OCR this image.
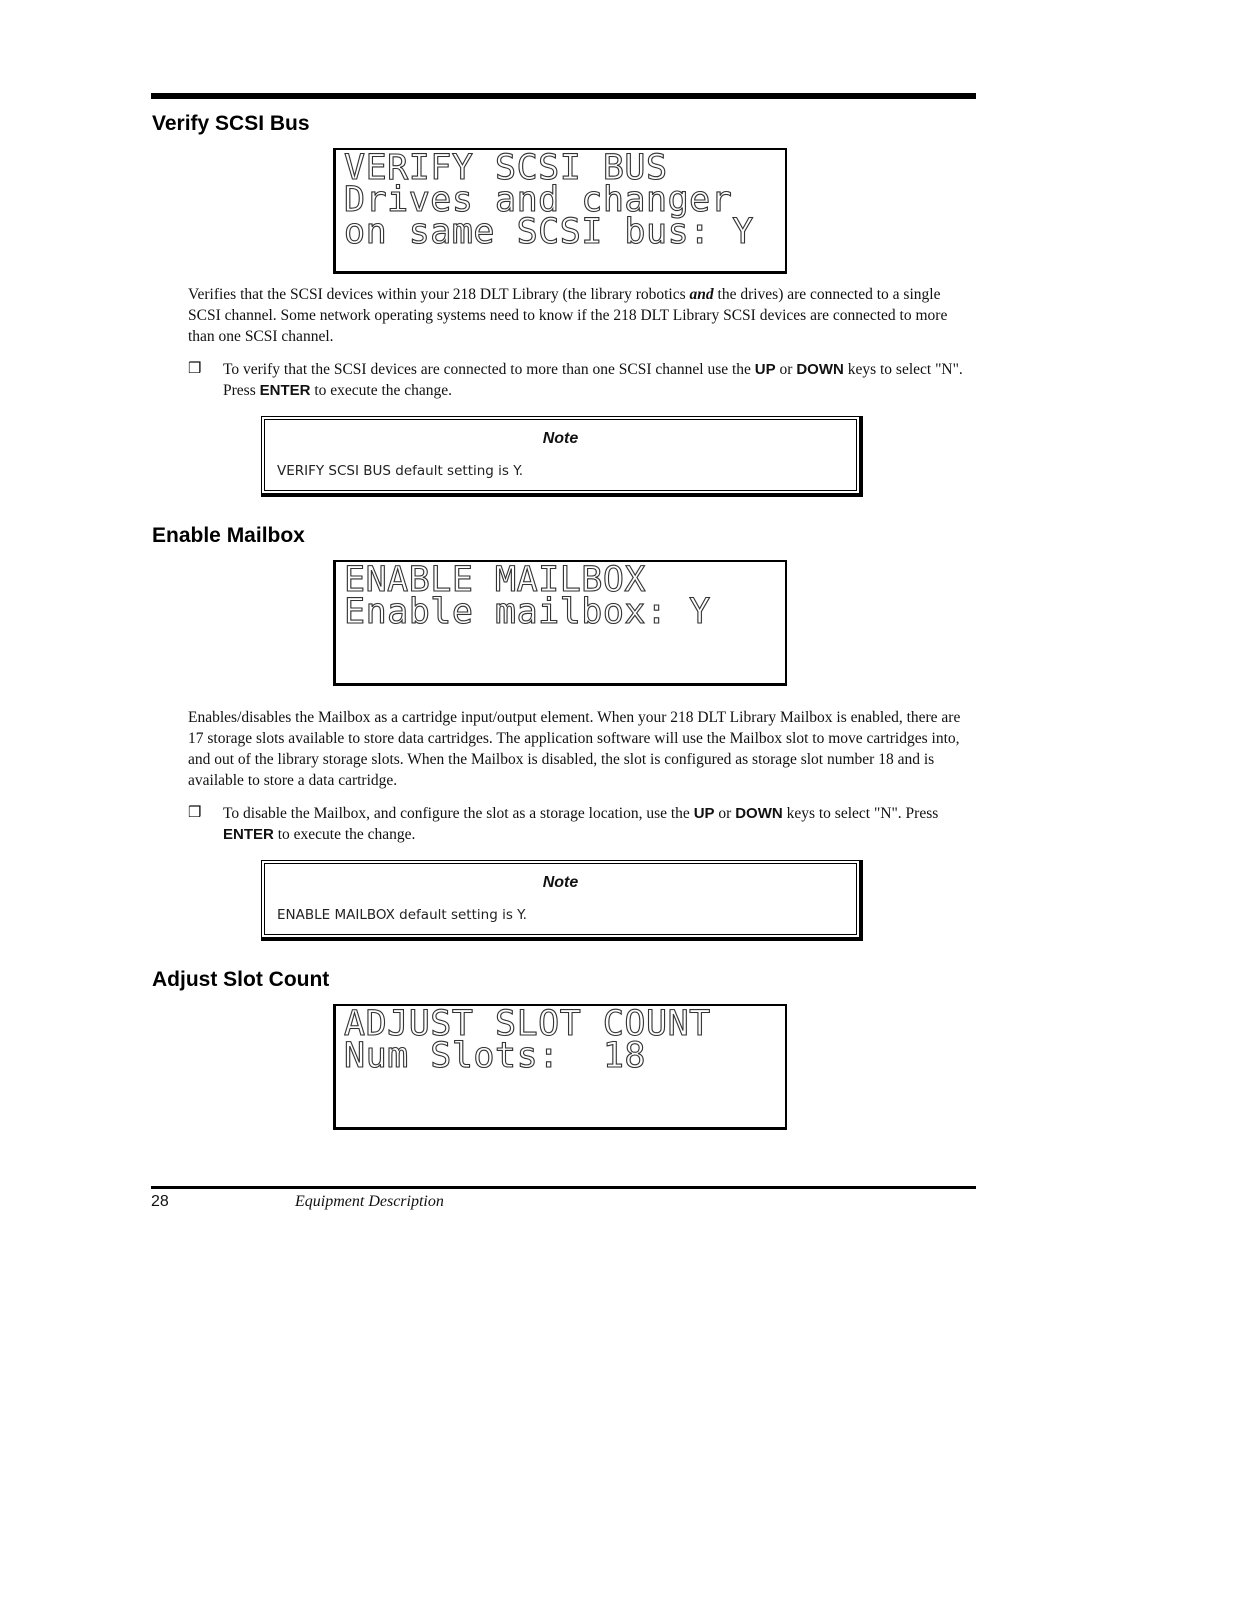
Verify SCSI Bus
VERIFY SCSI BUS
Drives and changer
on same SCSI bus: Y

Verifies that the SCSI devices within your 218 DLT Library (the library robotics and the drives) are connected to a single SCSI channel. Some network operating systems need to know if the 218 DLT Library SCSI devices are connected to more than one SCSI channel.

❒ To verify that the SCSI devices are connected to more than one SCSI channel use the UP or DOWN keys to select "N". Press ENTER to execute the change.
Note
VERIFY SCSI BUS default setting is Y.
Enable Mailbox
ENABLE MAILBOX
Enable mailbox: Y

Enables/disables the Mailbox as a cartridge input/output element. When your 218 DLT Library Mailbox is enabled, there are 17 storage slots available to store data cartridges. The application software will use the Mailbox slot to move cartridges into, and out of the library storage slots. When the Mailbox is disabled, the slot is configured as storage slot number 18 and is available to store a data cartridge.

❒ To disable the Mailbox, and configure the slot as a storage location, use the UP or DOWN keys to select "N". Press ENTER to execute the change.
Note
ENABLE MAILBOX default setting is Y.
Adjust Slot Count
ADJUST SLOT COUNT
Num Slots:  18
28	Equipment Description
